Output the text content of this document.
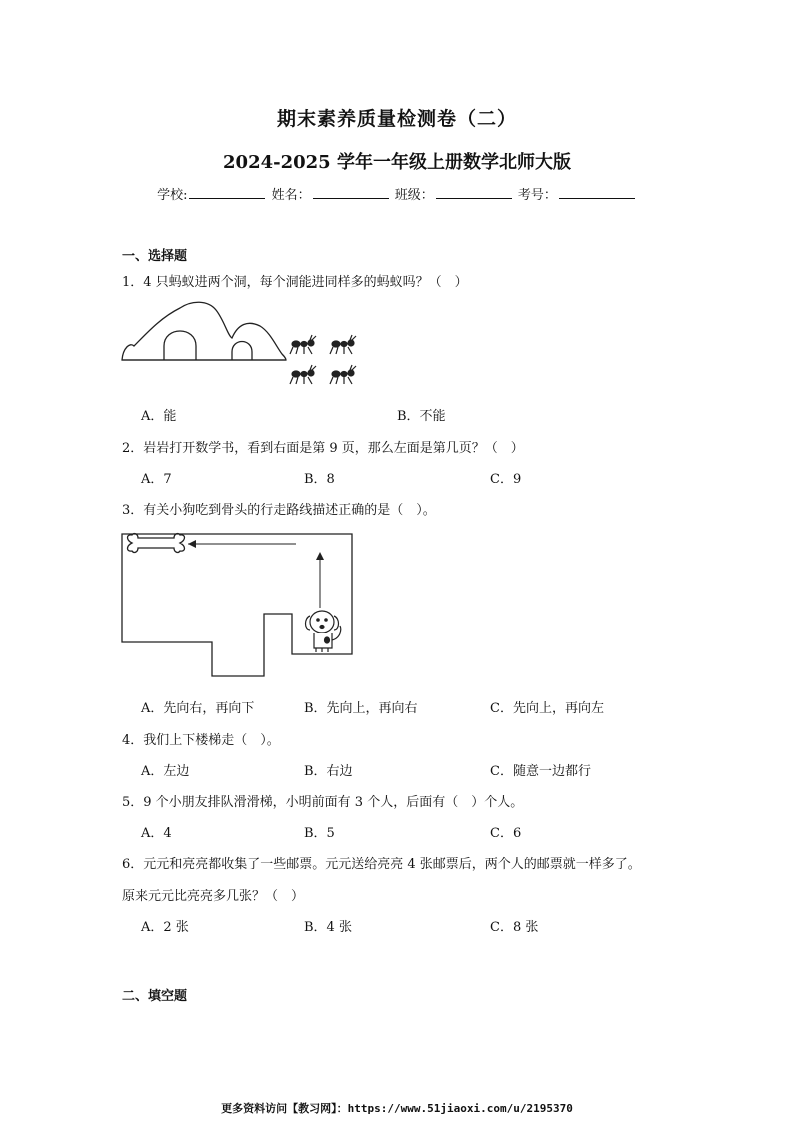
期末素养质量检测卷（二）
2024-2025 学年一年级上册数学北师大版
学校:	姓名：	班级：	考号：
一、选择题
1．4 只蚂蚁进两个洞，每个洞能进同样多的蚂蚁吗？（　）
A．能	B．不能
2．岩岩打开数学书，看到右面是第 9 页，那么左面是第几页？（　）
A．7	B．8	C．9
3．有关小狗吃到骨头的行走路线描述正确的是（　）。
A．先向右，再向下	B．先向上，再向右	C．先向上，再向左
4．我们上下楼梯走（　）。
A．左边	B．右边	C．随意一边都行
5．9 个小朋友排队滑滑梯，小明前面有 3 个人，后面有（　）个人。
A．4	B．5	C．6
6．元元和亮亮都收集了一些邮票。元元送给亮亮 4 张邮票后，两个人的邮票就一样多了。
原来元元比亮亮多几张？（　）
A．2 张	B．4 张	C．8 张
二、填空题
更多资料访问【教习网】：https://www.51jiaoxi.com/u/2195370
